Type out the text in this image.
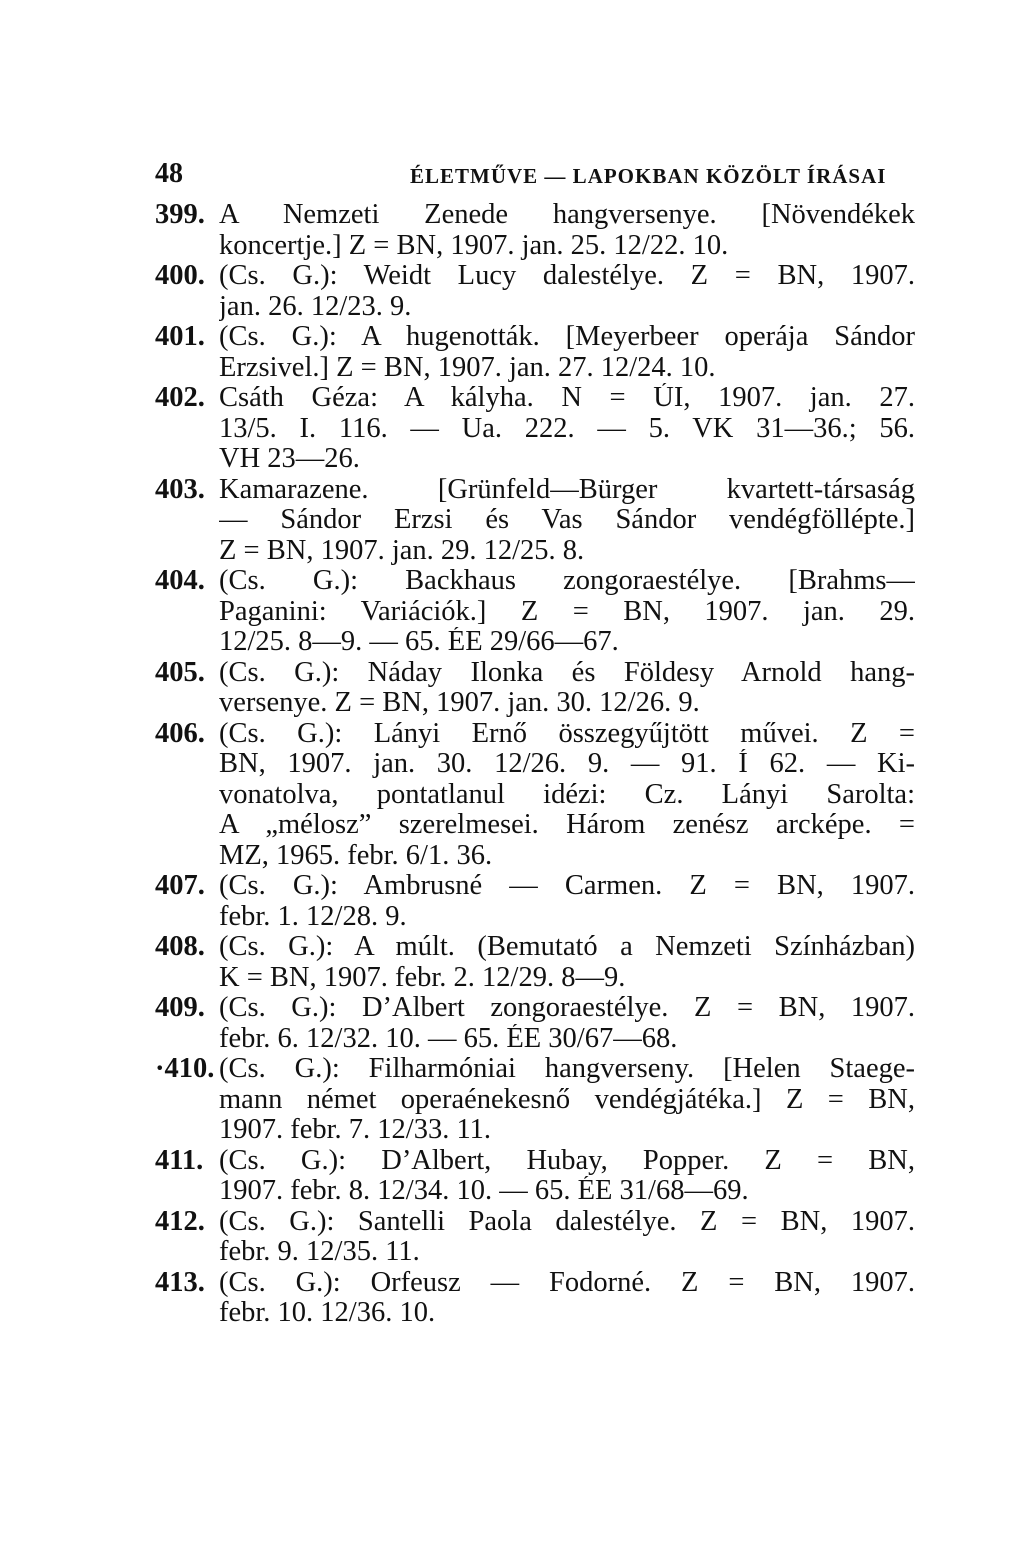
48	ÉLETMŰVE — LAPOKBAN KÖZÖLT ÍRÁSAI
399. A Nemzeti Zenede hangversenye. [Növendékek
koncertje.] Z = BN, 1907. jan. 25. 12/22. 10.
400. (Cs. G.): Weidt Lucy dalestélye. Z = BN, 1907.
jan. 26. 12/23. 9.
401. (Cs. G.): A hugenották. [Meyerbeer operája Sándor
Erzsivel.] Z = BN, 1907. jan. 27. 12/24. 10.
402. Csáth Géza: A kályha. N = ÚI, 1907. jan. 27.
13/5. I. 116. — Ua. 222. — 5. VK 31—36.; 56.
VH 23—26.
403. Kamarazene. [Grünfeld—Bürger kvartett-társaság
— Sándor Erzsi és Vas Sándor vendégfölléptе.]
Z = BN, 1907. jan. 29. 12/25. 8.
404. (Cs. G.): Backhaus zongoraestélye. [Brahms—
Paganini: Variációk.] Z = BN, 1907. jan. 29.
12/25. 8—9. — 65. ÉE 29/66—67.
405. (Cs. G.): Náday Ilonka és Földesy Arnold hang-
versenye. Z = BN, 1907. jan. 30. 12/26. 9.
406. (Cs. G.): Lányi Ernő összegyűjtött művei. Z =
BN, 1907. jan. 30. 12/26. 9. — 91. Í 62. — Ki-
vonatolva, pontatlanul idézi: Cz. Lányi Sarolta:
A „mélosz” szerelmesei. Három zenész arcképe. =
MZ, 1965. febr. 6/1. 36.
407. (Cs. G.): Ambrusné — Carmen. Z = BN, 1907.
febr. 1. 12/28. 9.
408. (Cs. G.): A múlt. (Bemutató a Nemzeti Színházban)
K = BN, 1907. febr. 2. 12/29. 8—9.
409. (Cs. G.): D’Albert zongoraestélye. Z = BN, 1907.
febr. 6. 12/32. 10. — 65. ÉE 30/67—68.
·410. (Cs. G.): Filharmóniai hangverseny. [Helen Staege-
mann német operaénekesnő vendégjátéka.] Z = BN,
1907. febr. 7. 12/33. 11.
411. (Cs. G.): D’Albert, Hubay, Popper. Z = BN,
1907. febr. 8. 12/34. 10. — 65. ÉE 31/68—69.
412. (Cs. G.): Santelli Paola dalestélye. Z = BN, 1907.
febr. 9. 12/35. 11.
413. (Cs. G.): Orfeusz — Fodorné. Z = BN, 1907.
febr. 10. 12/36. 10.
